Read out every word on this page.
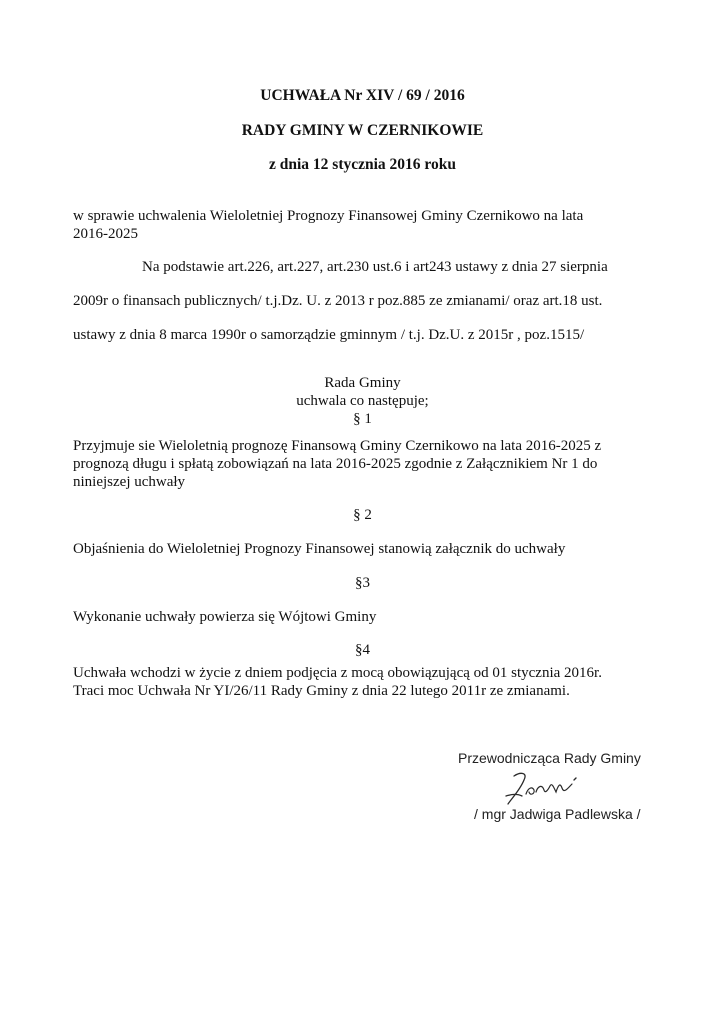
UCHWAŁA Nr XIV / 69 / 2016
RADY GMINY W CZERNIKOWIE
z dnia 12 stycznia 2016 roku
w sprawie uchwalenia Wieloletniej Prognozy Finansowej Gminy Czernikowo na lata
2016-2025
Na podstawie art.226, art.227, art.230 ust.6 i art243 ustawy z dnia 27 sierpnia
2009r o finansach publicznych/ t.j.Dz. U. z 2013 r poz.885 ze zmianami/ oraz art.18 ust.
ustawy z dnia 8 marca 1990r o samorządzie gminnym / t.j. Dz.U. z 2015r , poz.1515/
Rada Gminy
uchwala co następuje;
§ 1
Przyjmuje sie Wieloletnią prognozę Finansową Gminy Czernikowo na lata 2016-2025 z
prognozą długu i spłatą zobowiązań na lata 2016-2025 zgodnie z Załącznikiem Nr 1 do
niniejszej uchwały
§ 2
Objaśnienia do Wieloletniej Prognozy Finansowej stanowią załącznik do uchwały
§3
Wykonanie uchwały powierza się Wójtowi Gminy
§4
Uchwała wchodzi w życie z dniem podjęcia z mocą obowiązującą od 01 stycznia 2016r.
Traci moc Uchwała Nr YI/26/11 Rady Gminy z dnia 22 lutego 2011r ze zmianami.
Przewodnicząca Rady Gminy
/ mgr Jadwiga Padlewska /
